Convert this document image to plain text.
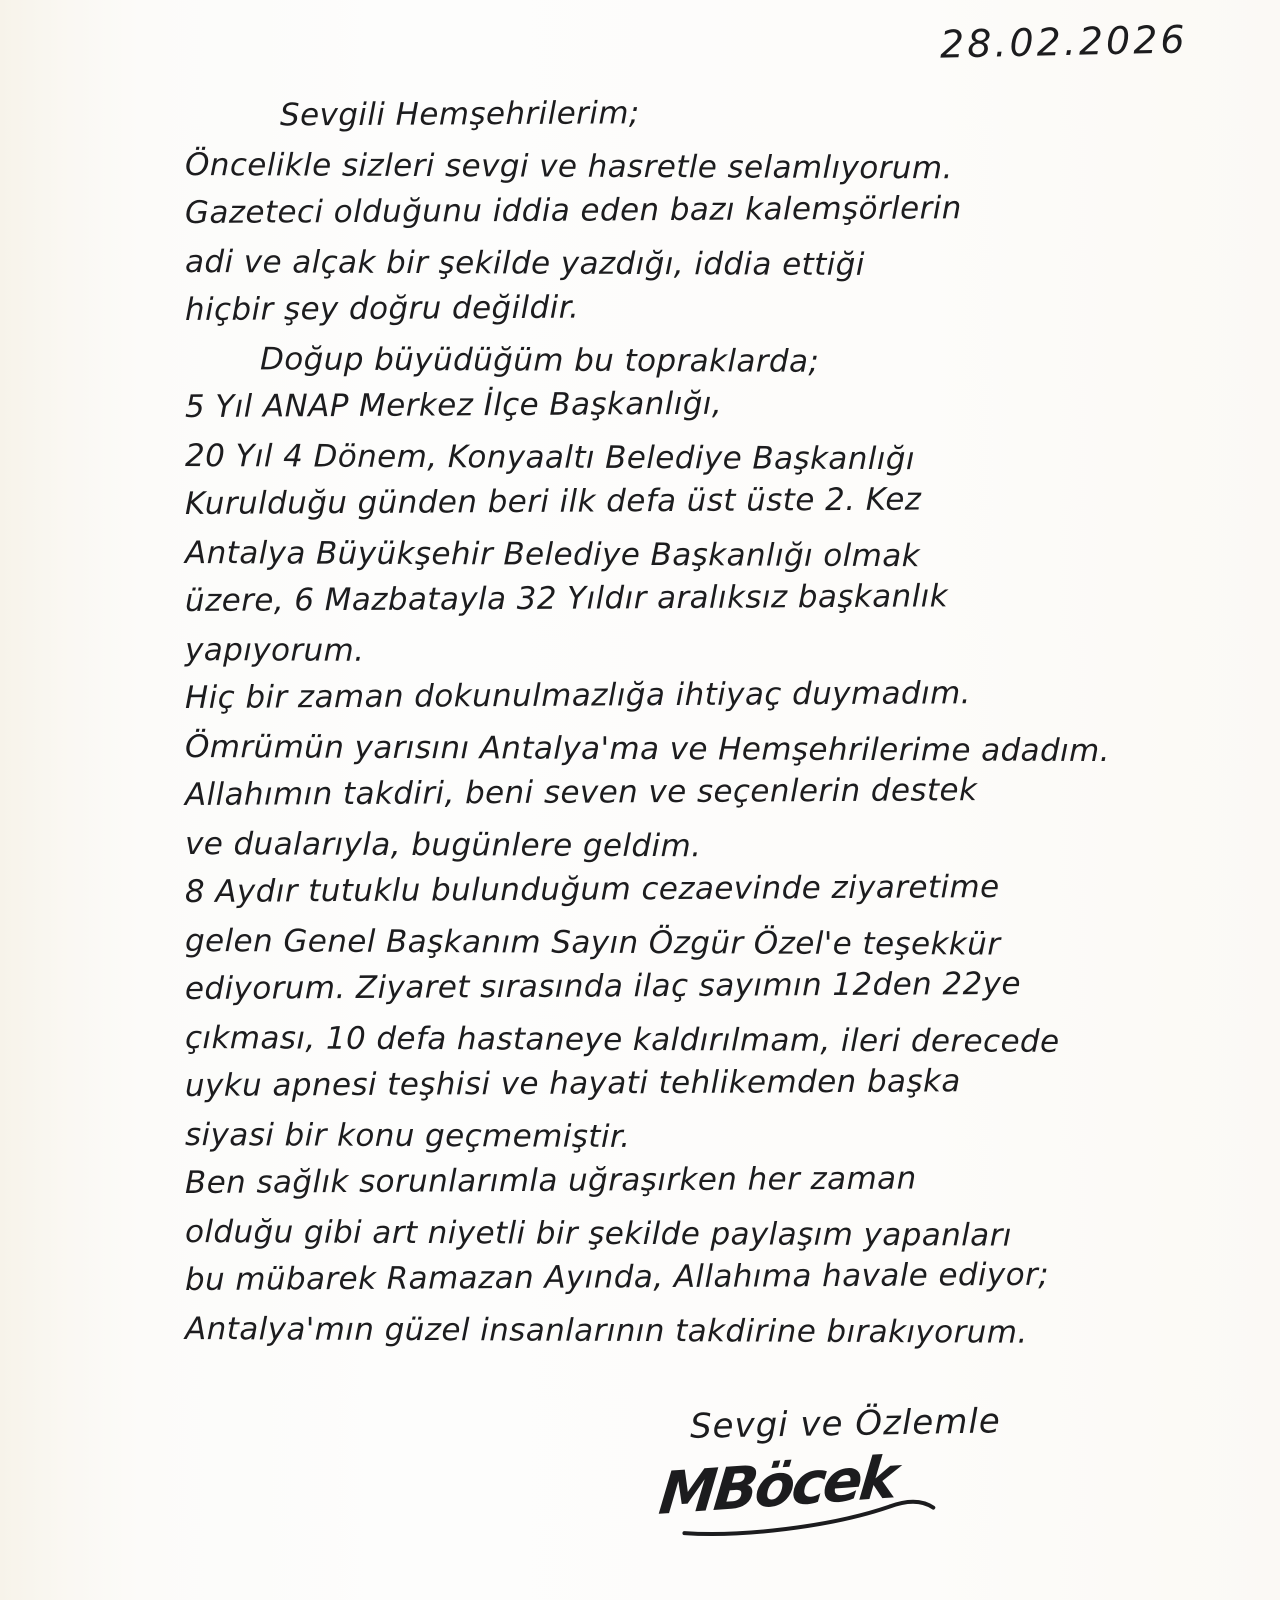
28.02.2026
Sevgili Hemşehrilerim;
Öncelikle sizleri sevgi ve hasretle selamlıyorum.
Gazeteci olduğunu iddia eden bazı kalemşörlerin
adi ve alçak bir şekilde yazdığı, iddia ettiği
hiçbir şey doğru değildir.
Doğup büyüdüğüm bu topraklarda;
5 Yıl ANAP Merkez İlçe Başkanlığı,
20 Yıl 4 Dönem, Konyaaltı Belediye Başkanlığı
Kurulduğu günden beri ilk defa üst üste 2. Kez
Antalya Büyükşehir Belediye Başkanlığı olmak
üzere, 6 Mazbatayla 32 Yıldır aralıksız başkanlık
yapıyorum.
Hiç bir zaman dokunulmazlığa ihtiyaç duymadım.
Ömrümün yarısını Antalya'ma ve Hemşehrilerime adadım.
Allahımın takdiri, beni seven ve seçenlerin destek
ve dualarıyla, bugünlere geldim.
8 Aydır tutuklu bulunduğum cezaevinde ziyaretime
gelen Genel Başkanım Sayın Özgür Özel'e teşekkür
ediyorum. Ziyaret sırasında ilaç sayımın 12den 22ye
çıkması, 10 defa hastaneye kaldırılmam, ileri derecede
uyku apnesi teşhisi ve hayati tehlikemden başka
siyasi bir konu geçmemiştir.
Ben sağlık sorunlarımla uğraşırken her zaman
olduğu gibi art niyetli bir şekilde paylaşım yapanları
bu mübarek Ramazan Ayında, Allahıma havale ediyor;
Antalya'mın güzel insanlarının takdirine bırakıyorum.
Sevgi ve Özlemle
MBöcek
